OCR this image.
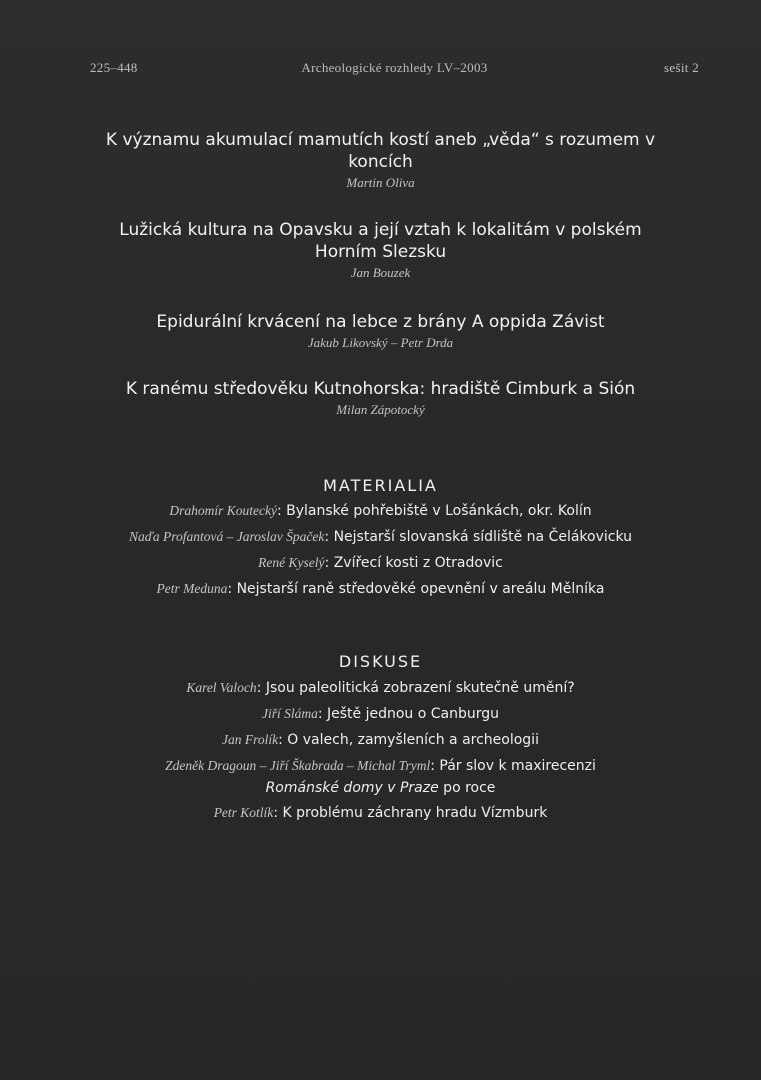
225–448	Archeologické rozhledy LV–2003	sešit 2
K významu akumulací mamutích kostí aneb „věda“ s rozumem v koncích
Martin Oliva
Lužická kultura na Opavsku a její vztah k lokalitám v polském Horním Slezsku
Jan Bouzek
Epidurální krvácení na lebce z brány A oppida Závist
Jakub Likovský – Petr Drda
K ranému středověku Kutnohorska: hradiště Cimburk a Sión
Milan Zápotocký
MATERIALIA
Drahomír Koutecký: Bylanské pohřebiště v Lošánkách, okr. Kolín
Naďa Profantová – Jaroslav Špaček: Nejstarší slovanská sídliště na Čelákovicku
René Kyselý: Zvířecí kosti z Otradovic
Petr Meduna: Nejstarší raně středověké opevnění v areálu Mělníka
DISKUSE
Karel Valoch: Jsou paleolitická zobrazení skutečně umění?
Jiří Sláma: Ještě jednou o Canburgu
Jan Frolík: O valech, zamyšleních a archeologii
Zdeněk Dragoun – Jiří Škabrada – Michal Tryml: Pár slov k maxirecenzi
Románské domy v Praze po roce
Petr Kotlík: K problému záchrany hradu Vízmburk
